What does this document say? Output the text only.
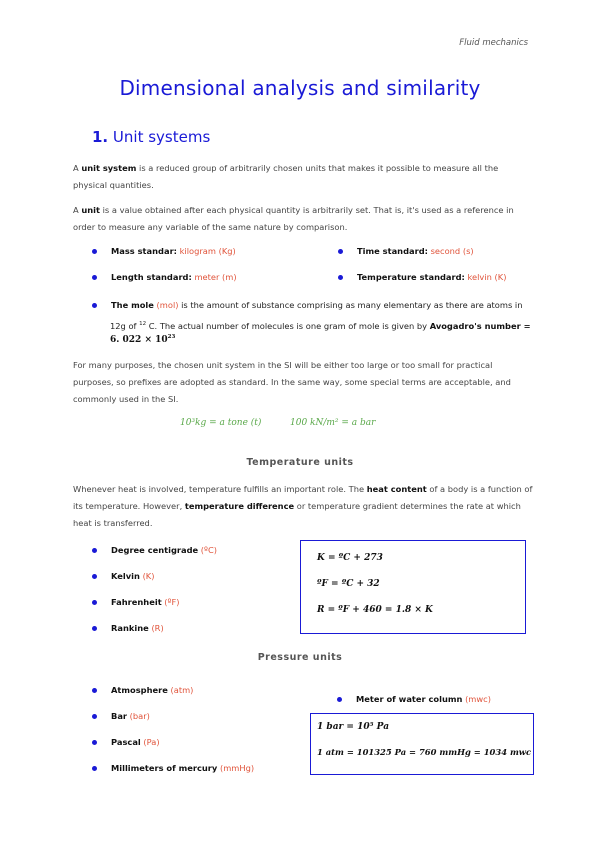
Fluid mechanics
Dimensional analysis and similarity
1. Unit systems
A unit system is a reduced group of arbitrarily chosen units that makes it possible to measure all the physical quantities.
A unit is a value obtained after each physical quantity is arbitrarily set. That is, it's used as a reference in order to measure any variable of the same nature by comparison.
Mass standar: kilogram (Kg)	Time standard: second (s)
Length standard: meter (m)	Temperature standard: kelvin (K)
The mole (mol) is the amount of substance comprising as many elementary as there are atoms in
12g of $^{12}$ C. The actual number of molecules is one gram of mole is given by Avogadro's number =
6. $022 \times 10^{23}$
For many purposes, the chosen unit system in the SI will be either too large or too small for practical purposes, so prefixes are adopted as standard. In the same way, some special terms are acceptable, and commonly used in the SI.
10³kg = a tone (t)	100 kN/m² = a bar
Temperature units
Whenever heat is involved, temperature fulfills an important role. The heat content of a body is a function of its temperature. However, temperature difference or temperature gradient determines the rate at which heat is transferred.
Degree centigrade (ºC)
Kelvin (K)
Fahrenheit (ºF)
Rankine (R)
K = ºC + 273
ºF = ºC + 32
R = ºF + 460 = 1.8 × K
Pressure units
Atmosphere (atm)
Bar (bar)
Pascal (Pa)
Millimeters of mercury (mmHg)
Meter of water column (mwc)
1 bar = 10⁵ Pa
1 atm = 101325 Pa = 760 mmHg = 1034 mwc
